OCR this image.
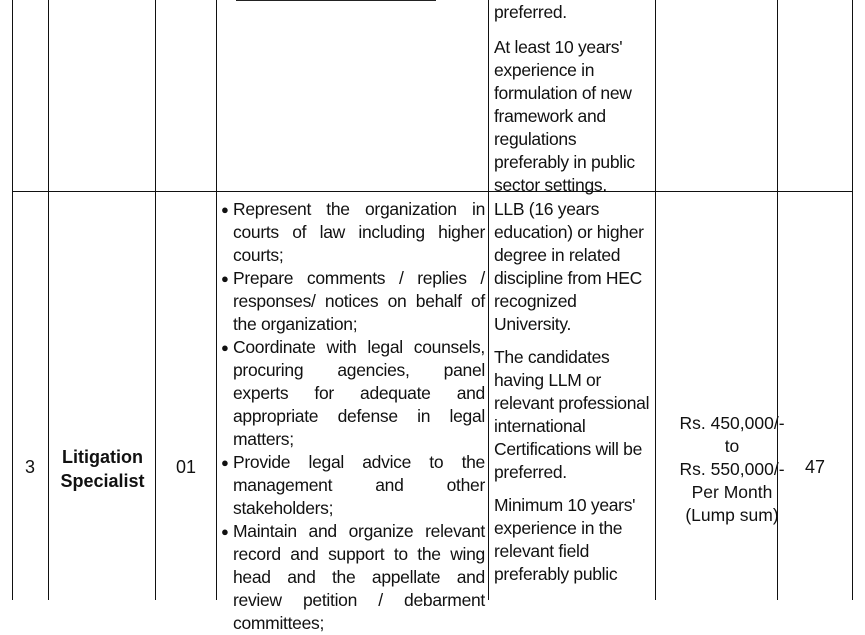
preferred.

At least 10 years' experience in formulation of new framework and regulations preferably in public sector settings.

3	Litigation Specialist
01
● Represent the organization in courts of law including higher courts;
● Prepare comments / replies / responses/ notices on behalf of the organization;
● Coordinate with legal counsels, procuring agencies, panel experts for adequate and appropriate defense in legal matters;
● Provide legal advice to the management and other stakeholders;
● Maintain and organize relevant record and support to the wing head and the appellate and review petition / debarment committees;

LLB (16 years education) or higher degree in related discipline from HEC recognized University.

The candidates having LLM or relevant professional international Certifications will be preferred.

Minimum 10 years' experience in the relevant field preferably public

Rs. 450,000/-
to
Rs. 550,000/-
Per Month
(Lump sum)
47
